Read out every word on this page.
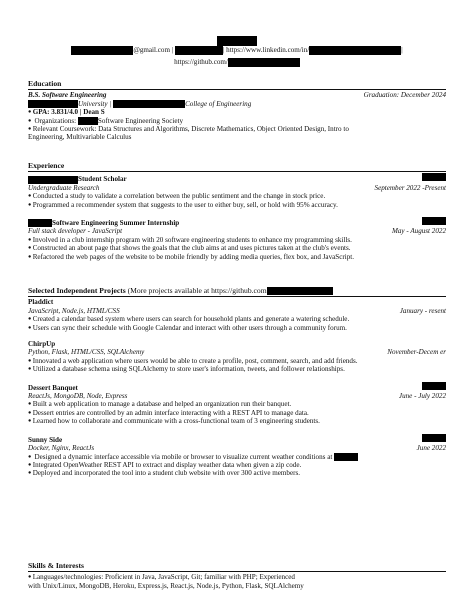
@gmail.com |	| https://www.linkedin.com/in/	|
https://github.com/
Education
B.S. Software Engineering	Graduation: December 2024
University |	College of Engineering
● GPA: 3.831/4.0 | Dean S
● Organizations:	Software Engineering Society
● Relevant Coursework: Data Structures and Algorithms, Discrete Mathematics, Object Oriented Design, Intro to
Engineering, Multivariable Calculus
Experience
Student Scholar
Undergraduate Research	September 2022 -Present
● Conducted a study to validate a correlation between the public sentiment and the change in stock price.
● Programmed a recommender system that suggests to the user to either buy, sell, or hold with 95% accuracy.
Software Engineering Summer Internship
Full stack developer - JavaScript	May - August 2022
● Involved in a club internship program with 20 software engineering students to enhance my programming skills.
● Constructed an about page that shows the goals that the club aims at and uses pictures taken at the club's events.
● Refactored the web pages of the website to be mobile friendly by adding media queries, flex box, and JavaScript.
Selected Independent Projects (More projects available at https://github.com
Pladdict
JavaScript, Node.js, HTML/CSS	January - resent
● Created a calendar based system where users can search for household plants and generate a watering schedule.
● Users can sync their schedule with Google Calendar and interact with other users through a community forum.
ChirpUp
Python, Flask, HTML/CSS, SQLAlchemy	November-Decem er
● Innovated a web application where users would be able to create a profile, post, comment, search, and add friends.
● Utilized a database schema using SQLAlchemy to store user's information, tweets, and follower relationships.
Dessert Banquet
ReactJs, MongoDB, Node, Express	June - July 2022
● Built a web application to manage a database and helped an organization run their banquet.
● Dessert entries are controlled by an admin interface interacting with a REST API to manage data.
● Learned how to collaborate and communicate with a cross-functional team of 3 engineering students.
Sunny Side
Docker, Nginx, ReactJs	June 2022
● Designed a dynamic interface accessible via mobile or browser to visualize current weather conditions at
● Integrated OpenWeather REST API to extract and display weather data when given a zip code.
● Deployed and incorporated the tool into a student club website with over 300 active members.
Skills & Interests
● Languages/technologies: Proficient in Java, JavaScript, Git; familiar with PHP; Experienced
with Unix/Linux, MongoDB, Heroku, Express.js, React.js, Node.js, Python, Flask, SQLAlchemy
